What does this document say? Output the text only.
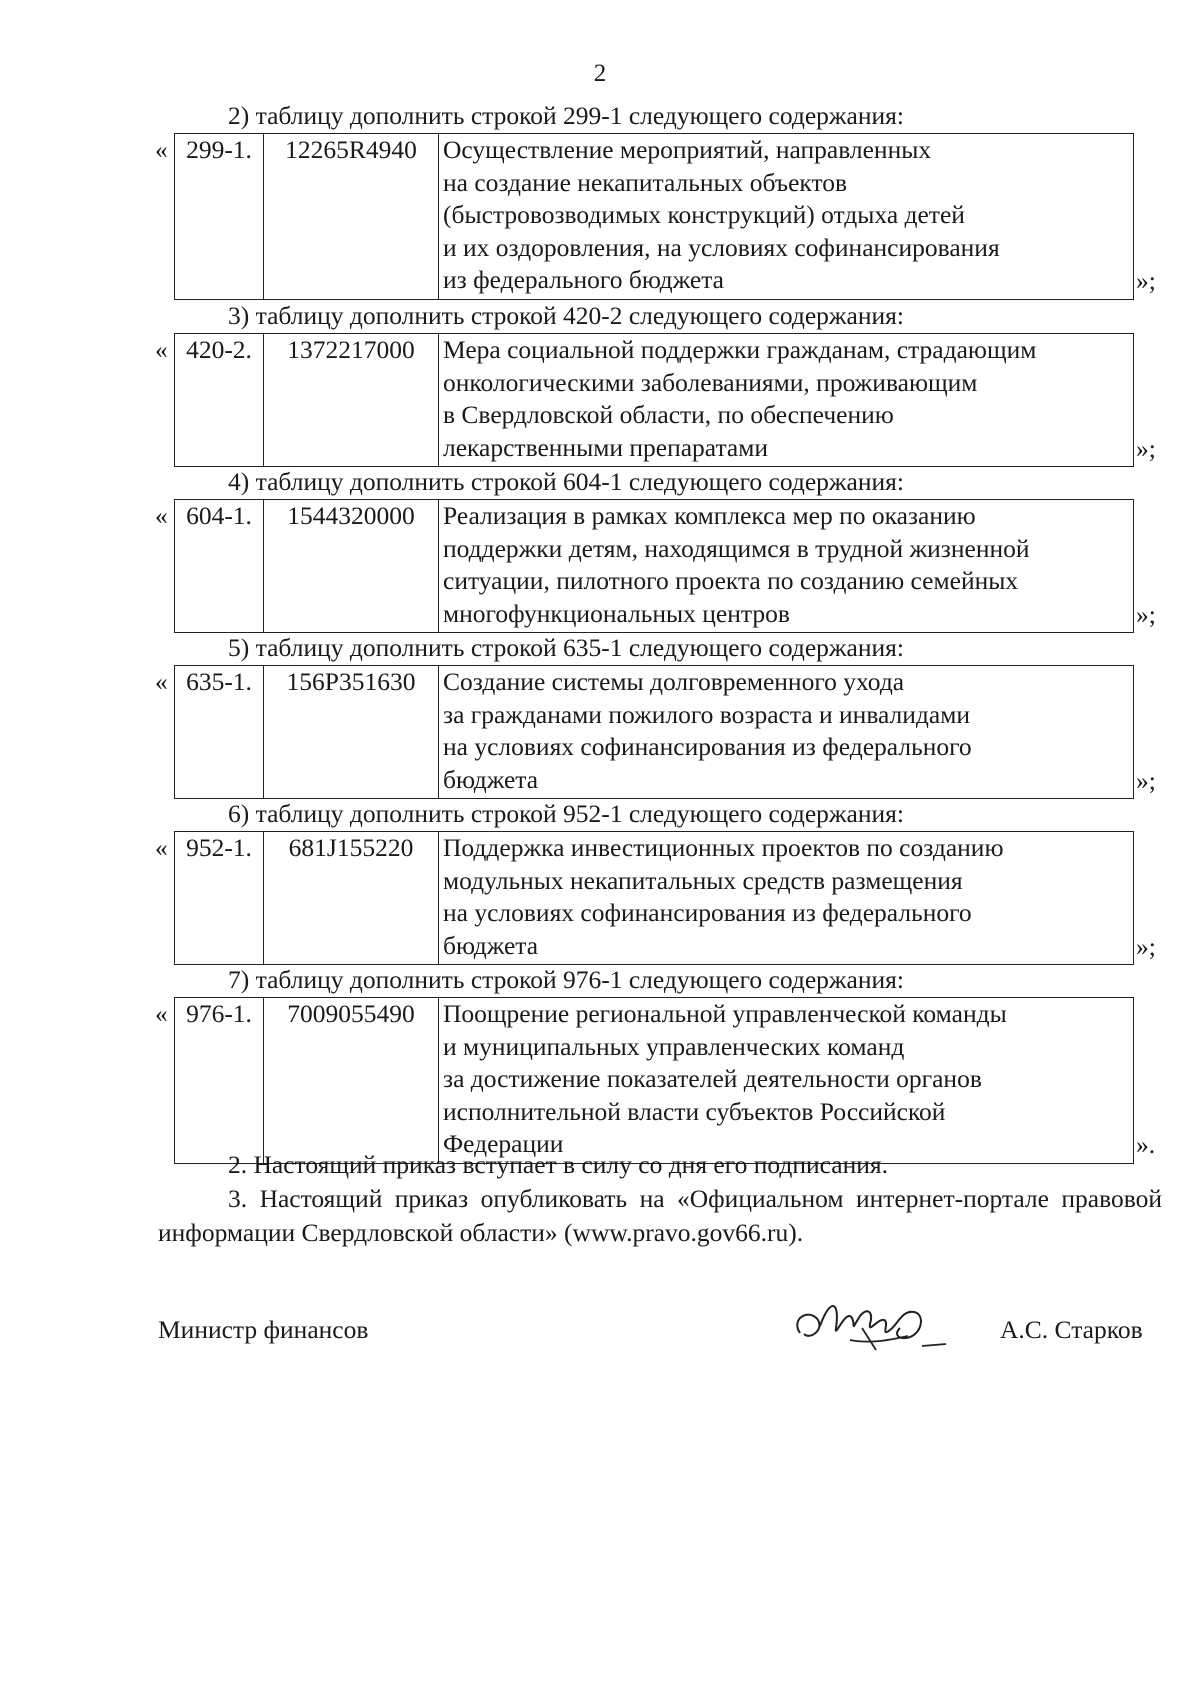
2
2) таблицу дополнить строкой 299-1 следующего содержания:
« 299-1.	12265R4940	Осуществление мероприятий, направленных
на создание некапитальных объектов
(быстровозводимых конструкций) отдыха детей
и их оздоровления, на условиях софинансирования
из федерального бюджета	»;
3) таблицу дополнить строкой 420-2 следующего содержания:
« 420-2.	1372217000	Мера социальной поддержки гражданам, страдающим
онкологическими заболеваниями, проживающим
в Свердловской области, по обеспечению
лекарственными препаратами	»;
4) таблицу дополнить строкой 604-1 следующего содержания:
« 604-1.	1544320000	Реализация в рамках комплекса мер по оказанию
поддержки детям, находящимся в трудной жизненной
ситуации, пилотного проекта по созданию семейных
многофункциональных центров	»;
5) таблицу дополнить строкой 635-1 следующего содержания:
« 635-1.	156P351630	Создание системы долговременного ухода
за гражданами пожилого возраста и инвалидами
на условиях софинансирования из федерального
бюджета	»;
6) таблицу дополнить строкой 952-1 следующего содержания:
« 952-1.	681J155220	Поддержка инвестиционных проектов по созданию
модульных некапитальных средств размещения
на условиях софинансирования из федерального
бюджета	»;
7) таблицу дополнить строкой 976-1 следующего содержания:
« 976-1.	7009055490	Поощрение региональной управленческой команды
и муниципальных управленческих команд
за достижение показателей деятельности органов
исполнительной власти субъектов Российской
Федерации	».
2. Настоящий приказ вступает в силу со дня его подписания.
3. Настоящий приказ опубликовать на «Официальном интернет-портале правовой информации Свердловской области» (www.pravo.gov66.ru).
Министр финансов	А.С. Старков
